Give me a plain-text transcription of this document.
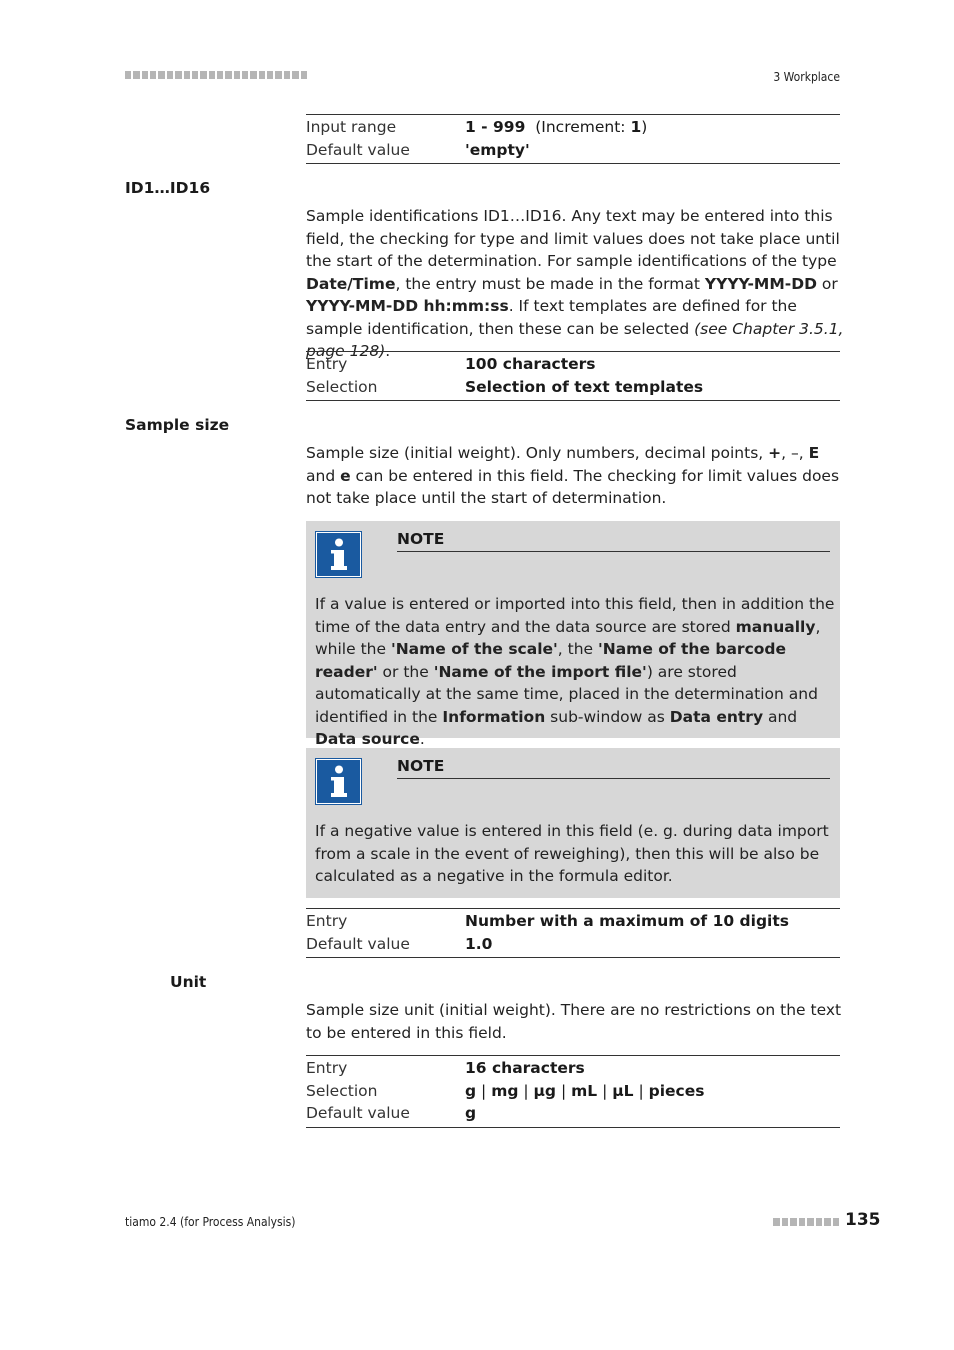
3 Workplace
Input range	1 - 999  (Increment: 1)
Default value	'empty'
ID1…ID16
Sample identifications ID1…ID16. Any text may be entered into this field, the checking for type and limit values does not take place until the start of the determination. For sample identifications of the type Date/Time, the entry must be made in the format YYYY-MM-DD or YYYY-MM-DD hh:mm:ss. If text templates are defined for the sample identification, then these can be selected (see Chapter 3.5.1, page 128).
Entry	100 characters
Selection	Selection of text templates
Sample size
Sample size (initial weight). Only numbers, decimal points, +, –, E and e can be entered in this field. The checking for limit values does not take place until the start of determination.
NOTE
If a value is entered or imported into this field, then in addition the time of the data entry and the data source are stored manually, while the 'Name of the scale', the 'Name of the barcode reader' or the 'Name of the import file') are stored automatically at the same time, placed in the determination and identified in the Information sub-window as Data entry and Data source.
NOTE
If a negative value is entered in this field (e. g. during data import from a scale in the event of reweighing), then this will be also be calculated as a negative in the formula editor.
Entry	Number with a maximum of 10 digits
Default value	1.0
Unit
Sample size unit (initial weight). There are no restrictions on the text to be entered in this field.
Entry	16 characters
Selection	g | mg | µg | mL | µL | pieces
Default value	g
tiamo 2.4 (for Process Analysis)	135
